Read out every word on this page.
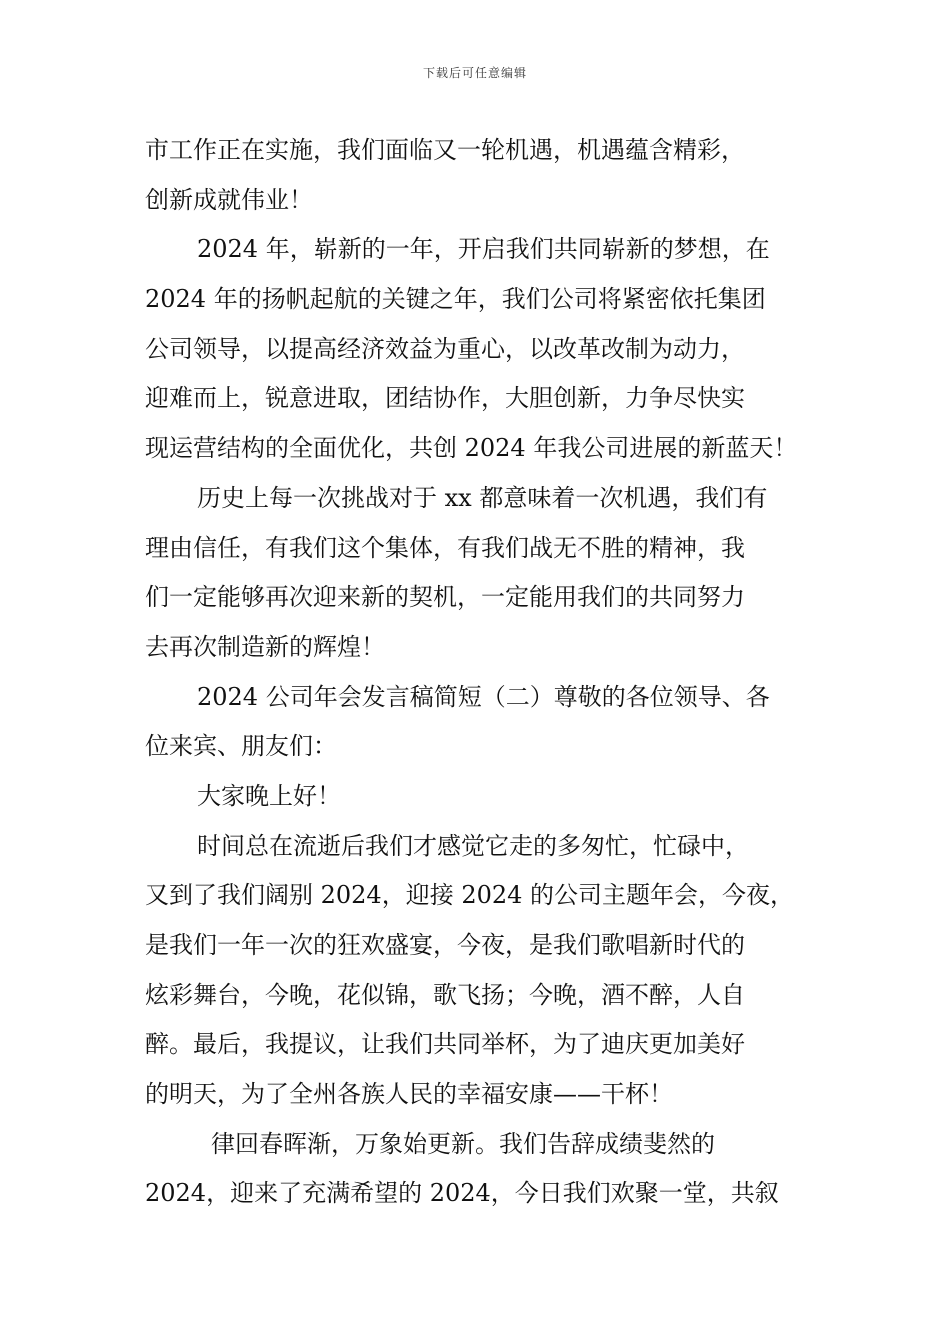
下载后可任意编辑
市工作正在实施，我们面临又一轮机遇，机遇蕴含精彩，
创新成就伟业！
2024 年，崭新的一年，开启我们共同崭新的梦想，在
2024 年的扬帆起航的关键之年，我们公司将紧密依托集团
公司领导，以提高经济效益为重心，以改革改制为动力，
迎难而上，锐意进取，团结协作，大胆创新，力争尽快实
现运营结构的全面优化，共创 2024 年我公司进展的新蓝天！
历史上每一次挑战对于 xx 都意味着一次机遇，我们有
理由信任，有我们这个集体，有我们战无不胜的精神，我
们一定能够再次迎来新的契机，一定能用我们的共同努力
去再次制造新的辉煌！
2024 公司年会发言稿简短（二）尊敬的各位领导、各
位来宾、朋友们：
大家晚上好！
时间总在流逝后我们才感觉它走的多匆忙，忙碌中，
又到了我们阔别 2024，迎接 2024 的公司主题年会，今夜，
是我们一年一次的狂欢盛宴，今夜，是我们歌唱新时代的
炫彩舞台，今晚，花似锦，歌飞扬；今晚，酒不醉，人自
醉。最后，我提议，让我们共同举杯，为了迪庆更加美好
的明天，为了全州各族人民的幸福安康——干杯！
律回春晖渐，万象始更新。我们告辞成绩斐然的
2024，迎来了充满希望的 2024，今日我们欢聚一堂，共叙
